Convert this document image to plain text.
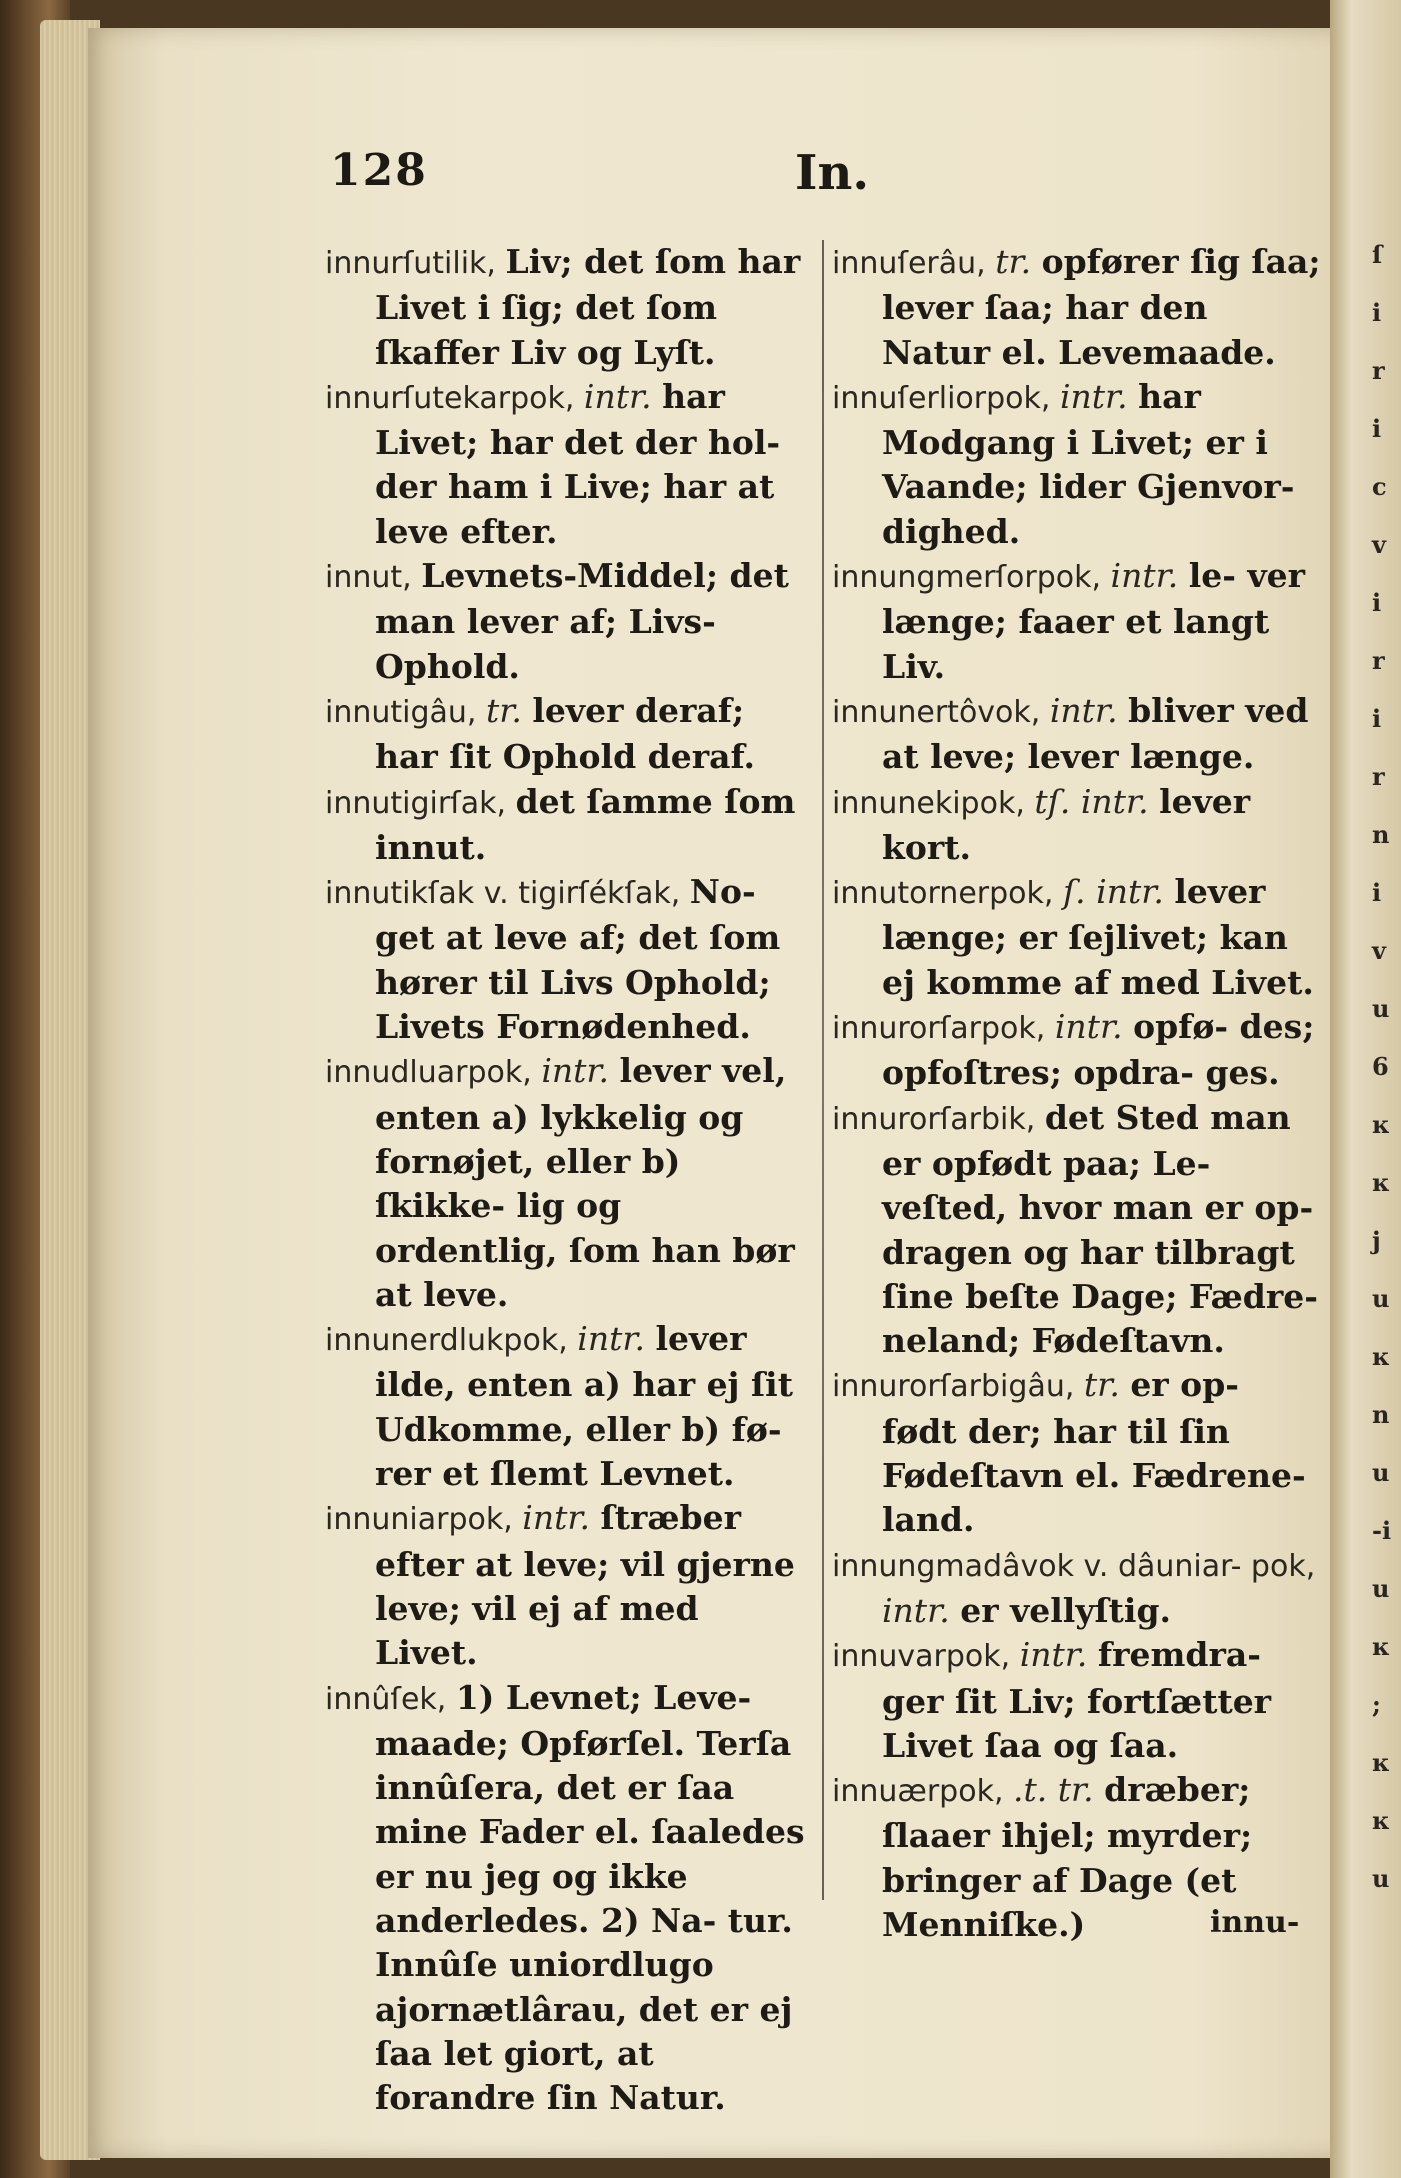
128	In.
innurſutilik, Liv; det ſom har Livet i ſig; det ſom ſkaffer Liv og Lyſt.
innurſutekarpok, intr. har Livet; har det der hol- der ham i Live; har at leve efter.
innut, Levnets-Middel; det man lever af; Livs- Ophold.
innutigâu, tr. lever deraf; har ſit Ophold deraf.
innutigirſak, det ſamme ſom innut.
innutikſak v. tigirſékſak, No- get at leve af; det ſom hører til Livs Ophold; Livets Fornødenhed.
innudluarpok, intr. lever vel, enten a) lykkelig og fornøjet, eller b) ſkikke- lig og ordentlig, ſom han bør at leve.
innunerdlukpok, intr. lever ilde, enten a) har ej ſit Udkomme, eller b) fø- rer et ſlemt Levnet.
innuniarpok, intr. ſtræber efter at leve; vil gjerne leve; vil ej af med Livet.
innûſek, 1) Levnet; Leve- maade; Opførſel. Terſa innûſera, det er ſaa mine Fader el. ſaaledes er nu jeg og ikke anderledes. 2) Na- tur. Innûſe uniordlugo ajornætlârau, det er ej ſaa let giort, at forandre ſin Natur.
innuſerâu, tr. opfører ſig ſaa; lever ſaa; har den Natur el. Levemaade.
innuſerliorpok, intr. har Modgang i Livet; er i Vaande; lider Gjenvor- dighed.
innungmerſorpok, intr. le- ver længe; faaer et langt Liv.
innunertôvok, intr. bliver ved at leve; lever længe.
innunekipok, tſ. intr. lever kort.
innutornerpok, ſ. intr. lever længe; er ſejlivet; kan ej komme af med Livet.
innurorſarpok, intr. opfø- des; opfoſtres; opdra- ges.
innurorſarbik, det Sted man er opfødt paa; Le- veſted, hvor man er op- dragen og har tilbragt ſine beſte Dage; Fædre- neland; Fødeſtavn.
innurorſarbigâu, tr. er op- født der; har til ſin Fødeſtavn el. Fædrene- land.
innungmadâvok v. dâuniar- pok, intr. er vellyſtig.
innuvarpok, intr. fremdra- ger ſit Liv; fortſætter Livet ſaa og ſaa.
innuærpok, .t. tr. dræber; ſlaaer ihjel; myrder; bringer af Dage (et Menniſke.)	innu-
ſ
i
r
i
c
v
i
r
i
r
n
i
v
u
6
ĸ
ĸ
j
u
ĸ
n
u
-i
u
ĸ
;
ĸ
ĸ
u
